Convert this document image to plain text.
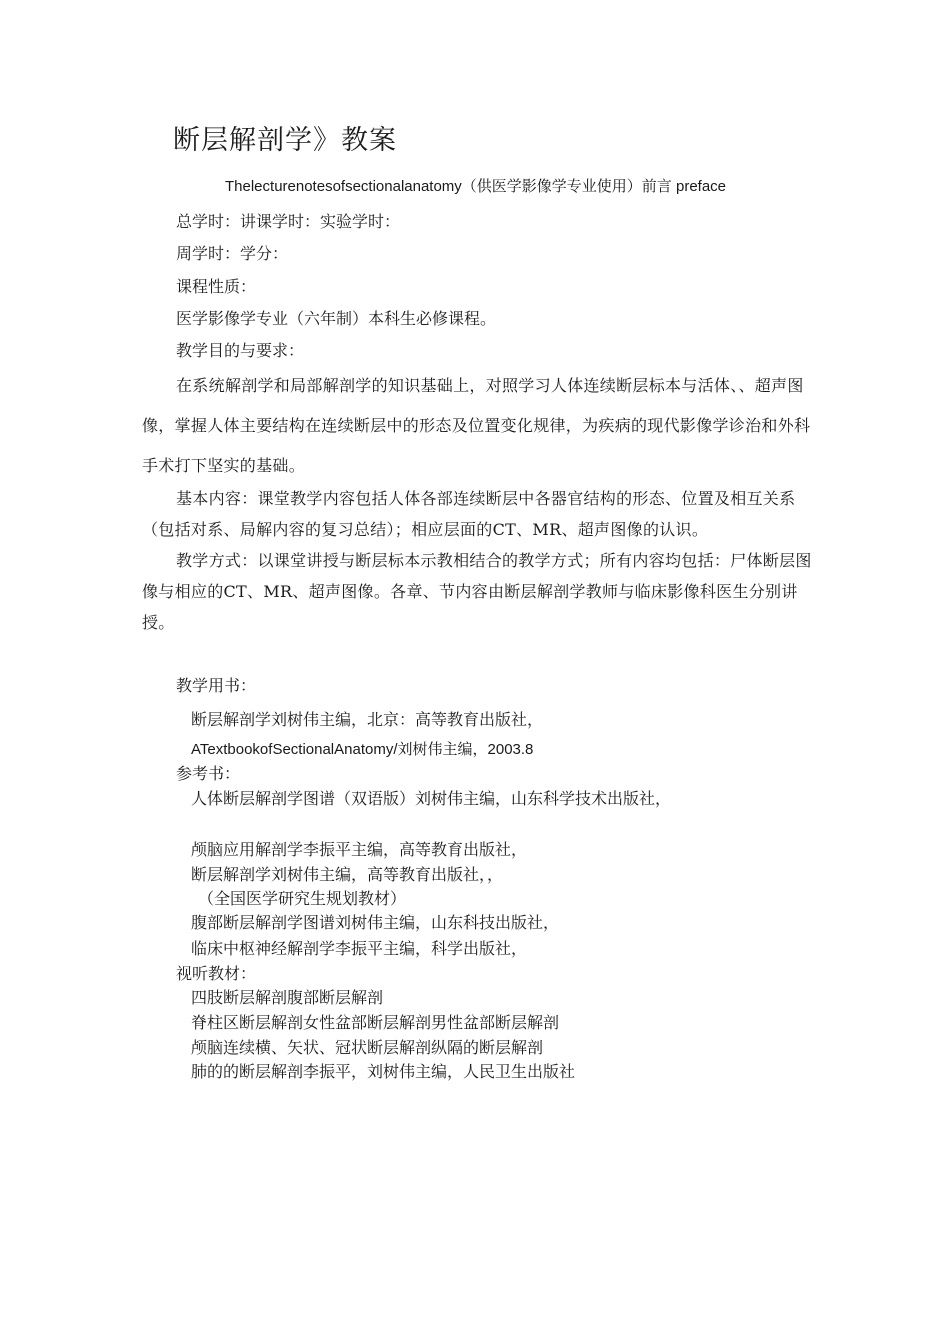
断层解剖学》教案
Thelecturenotesofsectionalanatomy（供医学影像学专业使用）前言 preface
总学时：讲课学时：实验学时：
周学时：学分：
课程性质：
医学影像学专业（六年制）本科生必修课程。
教学目的与要求：
在系统解剖学和局部解剖学的知识基础上，对照学习人体连续断层标本与活体、、超声图像，掌握人体主要结构在连续断层中的形态及位置变化规律，为疾病的现代影像学诊治和外科手术打下坚实的基础。
基本内容：课堂教学内容包括人体各部连续断层中各器官结构的形态、位置及相互关系（包括对系、局解内容的复习总结）；相应层面的CT、MR、超声图像的认识。
教学方式：以课堂讲授与断层标本示教相结合的教学方式；所有内容均包括：尸体断层图像与相应的CT、MR、超声图像。各章、节内容由断层解剖学教师与临床影像科医生分别讲授。
教学用书：
断层解剖学刘树伟主编，北京：高等教育出版社，
ATextbookofSectionalAnatomy/刘树伟主编，2003.8
参考书：
人体断层解剖学图谱（双语版）刘树伟主编，山东科学技术出版社，
颅脑应用解剖学李振平主编，高等教育出版社，
断层解剖学刘树伟主编，高等教育出版社，，
（全国医学研究生规划教材）
腹部断层解剖学图谱刘树伟主编，山东科技出版社，
临床中枢神经解剖学李振平主编，科学出版社，
视听教材：
四肢断层解剖腹部断层解剖
脊柱区断层解剖女性盆部断层解剖男性盆部断层解剖
颅脑连续横、矢状、冠状断层解剖纵隔的断层解剖
肺的的断层解剖李振平，刘树伟主编，人民卫生出版社
